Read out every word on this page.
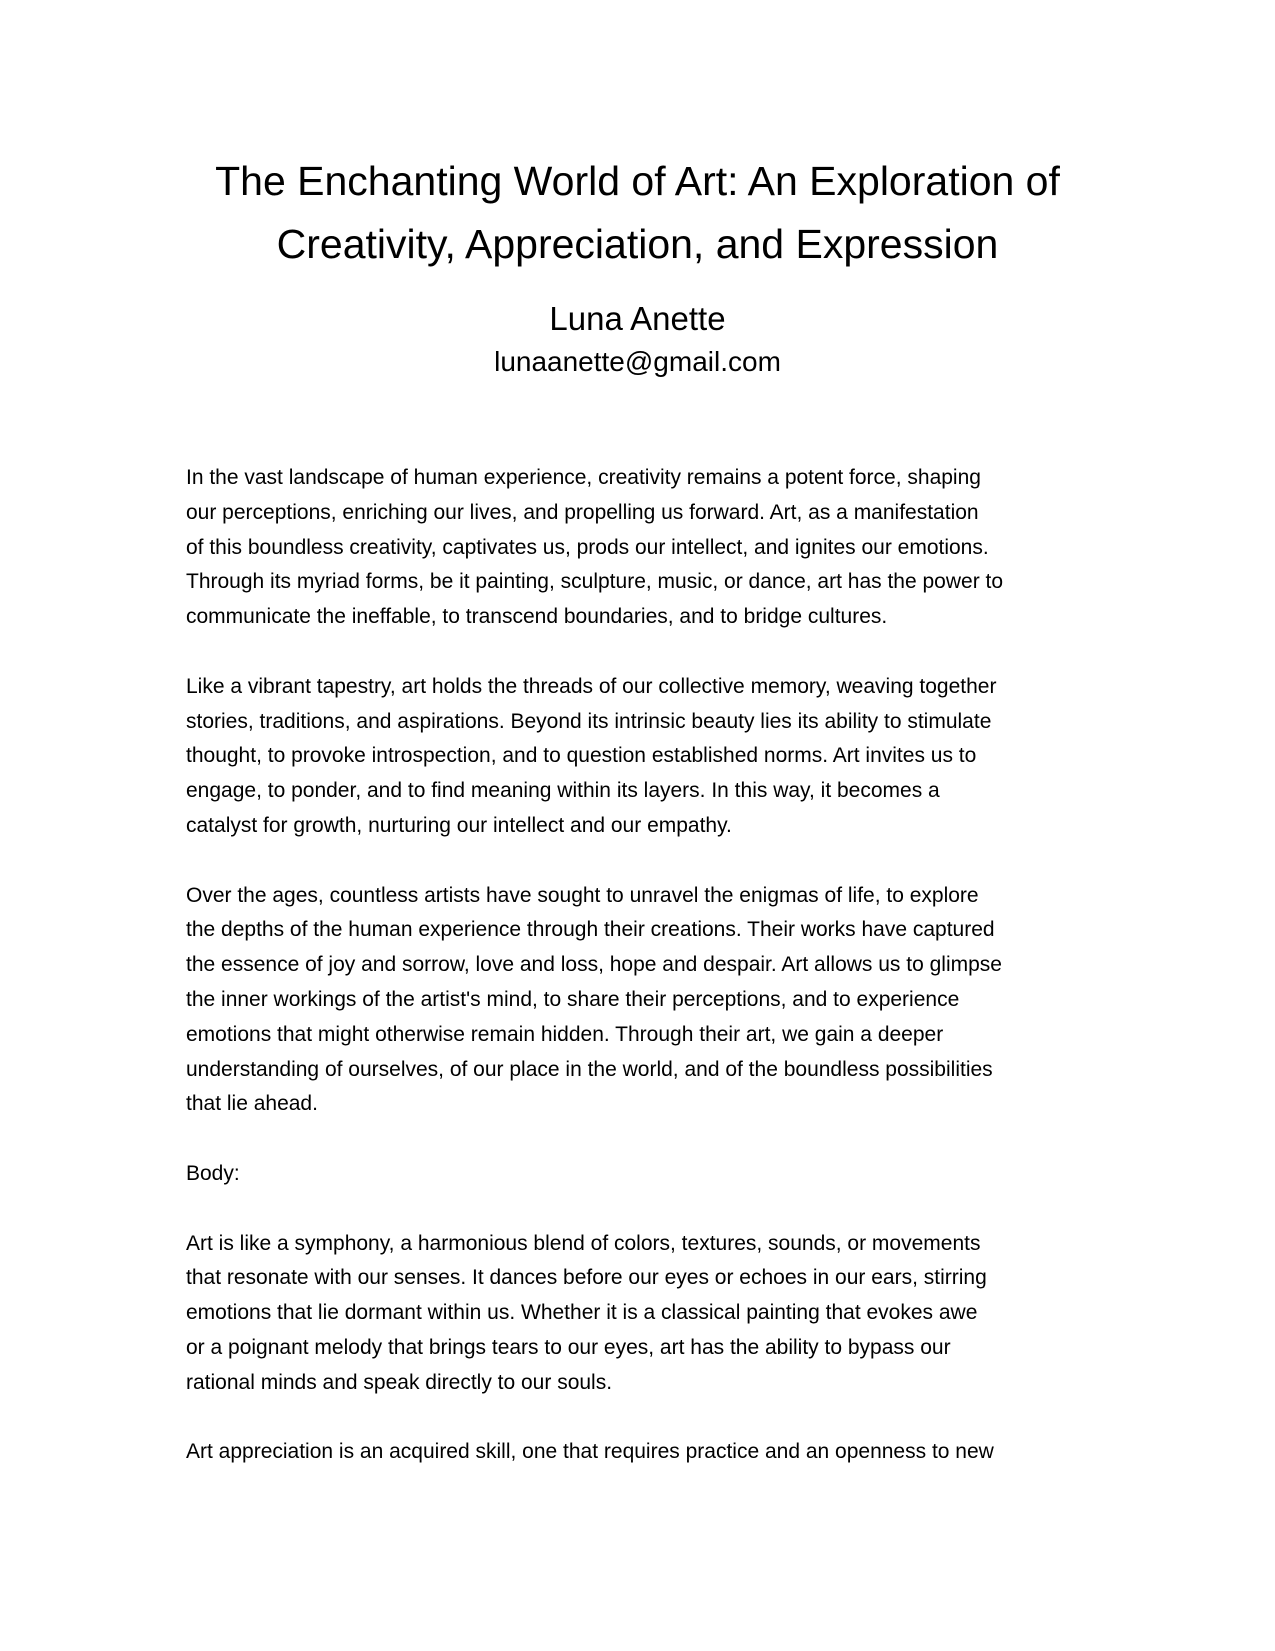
The Enchanting World of Art: An Exploration of
Creativity, Appreciation, and Expression
Luna Anette
lunaanette@gmail.com
In the vast landscape of human experience, creativity remains a potent force, shaping
our perceptions, enriching our lives, and propelling us forward. Art, as a manifestation
of this boundless creativity, captivates us, prods our intellect, and ignites our emotions.
Through its myriad forms, be it painting, sculpture, music, or dance, art has the power to
communicate the ineffable, to transcend boundaries, and to bridge cultures.
Like a vibrant tapestry, art holds the threads of our collective memory, weaving together
stories, traditions, and aspirations. Beyond its intrinsic beauty lies its ability to stimulate
thought, to provoke introspection, and to question established norms. Art invites us to
engage, to ponder, and to find meaning within its layers. In this way, it becomes a
catalyst for growth, nurturing our intellect and our empathy.
Over the ages, countless artists have sought to unravel the enigmas of life, to explore
the depths of the human experience through their creations. Their works have captured
the essence of joy and sorrow, love and loss, hope and despair. Art allows us to glimpse
the inner workings of the artist's mind, to share their perceptions, and to experience
emotions that might otherwise remain hidden. Through their art, we gain a deeper
understanding of ourselves, of our place in the world, and of the boundless possibilities
that lie ahead.
Body:
Art is like a symphony, a harmonious blend of colors, textures, sounds, or movements
that resonate with our senses. It dances before our eyes or echoes in our ears, stirring
emotions that lie dormant within us. Whether it is a classical painting that evokes awe
or a poignant melody that brings tears to our eyes, art has the ability to bypass our
rational minds and speak directly to our souls.
Art appreciation is an acquired skill, one that requires practice and an openness to new
